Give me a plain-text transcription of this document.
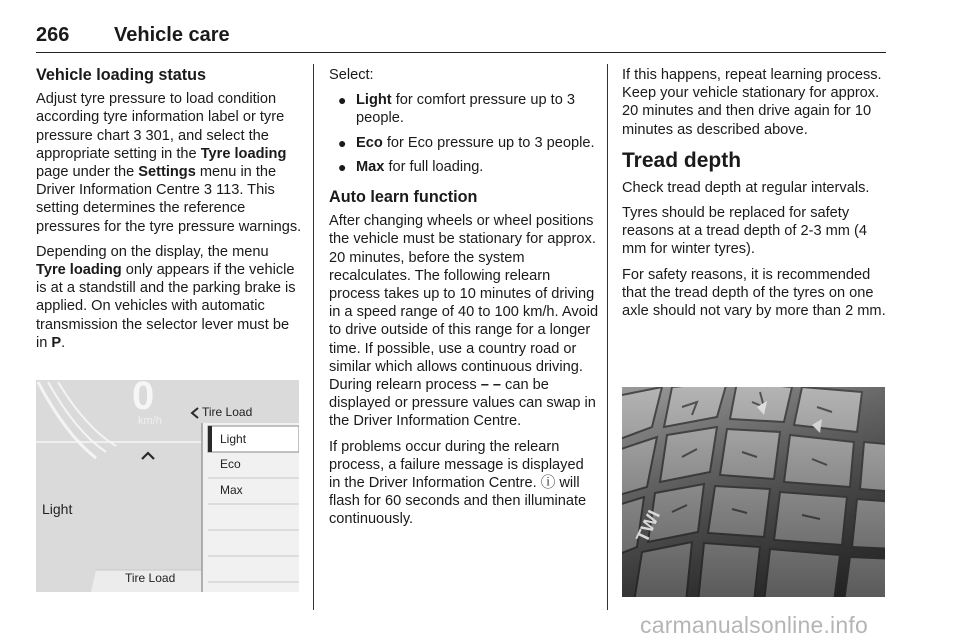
266 Vehicle care
Vehicle loading status

Adjust tyre pressure to load condition according tyre information label or tyre pressure chart 3 301, and select the appropriate setting in the Tyre loading page under the Settings menu in the Driver Information Centre 3 113. This setting determines the reference pressures for the tyre pressure warnings.

Depending on the display, the menu Tyre loading only appears if the vehicle is at a standstill and the parking brake is applied. On vehicles with automatic transmission the selector lever must be in P.

0
km/h
Tire Load
Light
Eco
Max
Light
Tire Load

Select:

● Light for comfort pressure up to 3 people.
● Eco for Eco pressure up to 3 people.
● Max for full loading.
Auto learn function

After changing wheels or wheel positions the vehicle must be stationary for approx. 20 minutes, before the system recalculates. The following relearn process takes up to 10 minutes of driving in a speed range of 40 to 100 km/h. Avoid to drive outside of this range for a longer time. If possible, use a country road or similar which allows continuous driving. During relearn process – – can be displayed or pressure values can swap in the Driver Information Centre.

If problems occur during the relearn process, a failure message is displayed in the Driver Information Centre. ⓘ will flash for 60 seconds and then illuminate continuously.

If this happens, repeat learning process. Keep your vehicle stationary for approx. 20 minutes and then drive again for 10 minutes as described above.

Tread depth

Check tread depth at regular intervals.

Tyres should be replaced for safety reasons at a tread depth of 2-3 mm (4 mm for winter tyres).

For safety reasons, it is recommended that the tread depth of the tyres on one axle should not vary by more than 2 mm.

TWI
carmanualsonline.info
